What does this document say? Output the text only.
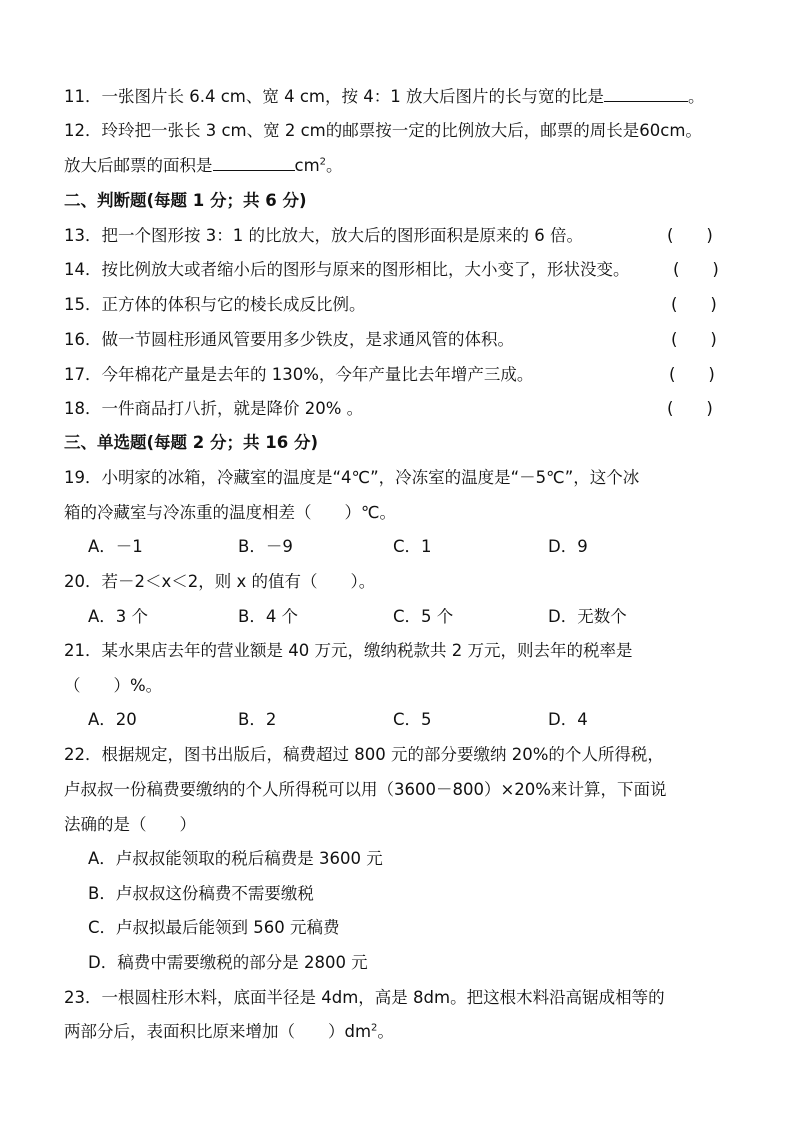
11．一张图片长 6.4 cm、宽 4 cm，按 4：1 放大后图片的长与宽的比是	。
12．玲玲把一张长 3 cm、宽 2 cm的邮票按一定的比例放大后，邮票的周长是60cm。
放大后邮票的面积是	$cm^2$。
二、判断题(每题 1 分；共 6 分)
13．把一个图形按 3：1 的比放大，放大后的图形面积是原来的 6 倍。	(　　)
14．按比例放大或者缩小后的图形与原来的图形相比，大小变了，形状没变。	(　　)
15．正方体的体积与它的棱长成反比例。	(　　)
16．做一节圆柱形通风管要用多少铁皮，是求通风管的体积。	(　　)
17．今年棉花产量是去年的 130%，今年产量比去年增产三成。	(　　)
18．一件商品打八折，就是降价 20% 。	(　　)
三、单选题(每题 2 分；共 16 分)
19．小明家的冰箱，冷藏室的温度是“4℃”，冷冻室的温度是“－5℃”，这个冰
箱的冷藏室与冷冻重的温度相差（　　）℃。
A．－1	B．－9	C．1	D．9
20．若－2＜x＜2，则 x 的值有（　　）。
A．3 个	B．4 个	C．5 个	D．无数个
21．某水果店去年的营业额是 40 万元，缴纳税款共 2 万元，则去年的税率是
（　　）%。
A．20	B．2	C．5	D．4
22．根据规定，图书出版后，稿费超过 800 元的部分要缴纳 20%的个人所得税，
卢叔叔一份稿费要缴纳的个人所得税可以用（3600－800）×20%来计算，下面说
法确的是（　　）
A．卢叔叔能领取的税后稿费是 3600 元
B．卢叔叔这份稿费不需要缴税
C．卢叔拟最后能领到 560 元稿费
D．稿费中需要缴税的部分是 2800 元
23．一根圆柱形木料，底面半径是 4dm，高是 8dm。把这根木料沿高锯成相等的
两部分后，表面积比原来增加（　　）$dm^2$。
